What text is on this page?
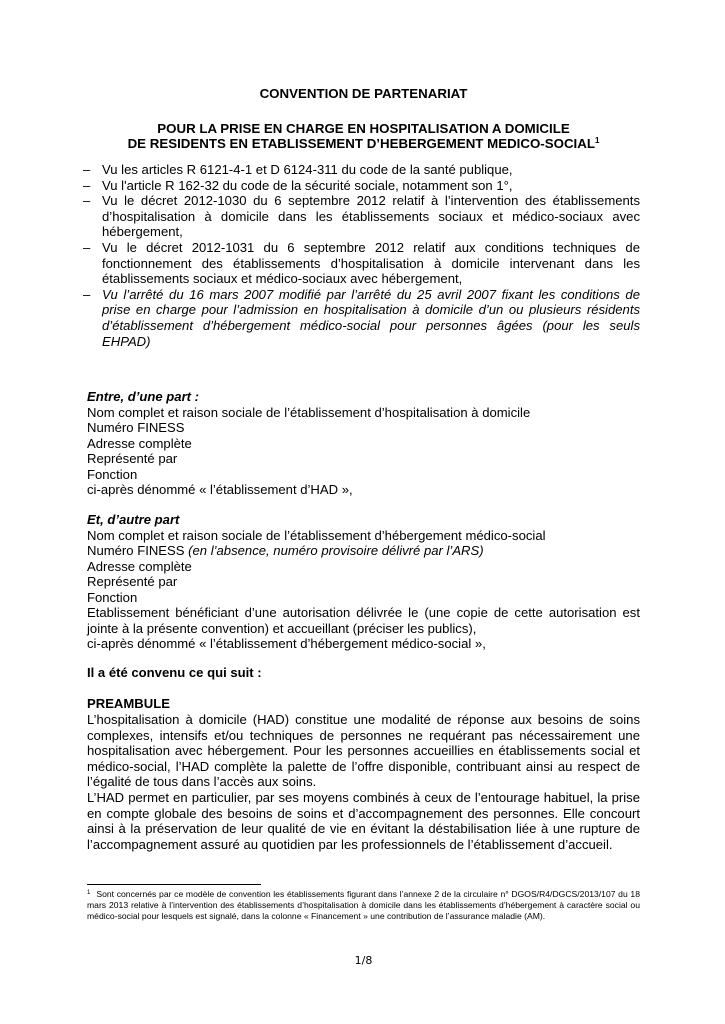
CONVENTION DE PARTENARIAT

POUR LA PRISE EN CHARGE EN HOSPITALISATION A DOMICILE

DE RESIDENTS EN ETABLISSEMENT D’HEBERGEMENT MEDICO-SOCIAL$^1$

– Vu les articles R 6121-4-1 et D 6124-311 du code de la santé publique,
– Vu l'article R 162-32 du code de la sécurité sociale, notamment son 1°,
– Vu le décret 2012-1030 du 6 septembre 2012 relatif à l’intervention des établissements d’hospitalisation à domicile dans les établissements sociaux et médico-sociaux avec hébergement,
– Vu le décret 2012-1031 du 6 septembre 2012 relatif aux conditions techniques de fonctionnement des établissements d’hospitalisation à domicile intervenant dans les établissements sociaux et médico-sociaux avec hébergement,
– Vu l’arrêté du 16 mars 2007 modifié par l’arrêté du 25 avril 2007 fixant les conditions de prise en charge pour l’admission en hospitalisation à domicile d’un ou plusieurs résidents d’établissement d’hébergement médico-social pour personnes âgées (pour les seuls EHPAD)
Entre, d’une part :
Nom complet et raison sociale de l’établissement d’hospitalisation à domicile
Numéro FINESS
Adresse complète
Représenté par
Fonction
ci-après dénommé « l’établissement d’HAD »,
Et, d’autre part
Nom complet et raison sociale de l’établissement d’hébergement médico-social
Numéro FINESS (en l’absence, numéro provisoire délivré par l’ARS)
Adresse complète
Représenté par
Fonction
Etablissement bénéficiant d’une autorisation délivrée le (une copie de cette autorisation est jointe à la présente convention) et accueillant (préciser les publics),
ci-après dénommé « l’établissement d’hébergement médico-social »,

Il a été convenu ce qui suit :

PREAMBULE

L’hospitalisation à domicile (HAD) constitue une modalité de réponse aux besoins de soins complexes, intensifs et/ou techniques de personnes ne requérant pas nécessairement une hospitalisation avec hébergement. Pour les personnes accueillies en établissements social et médico-social, l’HAD complète la palette de l’offre disponible, contribuant ainsi au respect de l’égalité de tous dans l’accès aux soins.

L’HAD permet en particulier, par ses moyens combinés à ceux de l’entourage habituel, la prise en compte globale des besoins de soins et d’accompagnement des personnes. Elle concourt ainsi à la préservation de leur qualité de vie en évitant la déstabilisation liée à une rupture de l’accompagnement assuré au quotidien par les professionnels de l’établissement d’accueil.

$^1$ Sont concernés par ce modèle de convention les établissements figurant dans l’annexe 2 de la circulaire n° DGOS/R4/DGCS/2013/107 du 18 mars 2013 relative à l’intervention des établissements d’hospitalisation à domicile dans les établissements d’hébergement à caractère social ou médico-social pour lesquels est signalé, dans la colonne « Financement » une contribution de l’assurance maladie (AM).

1/8
